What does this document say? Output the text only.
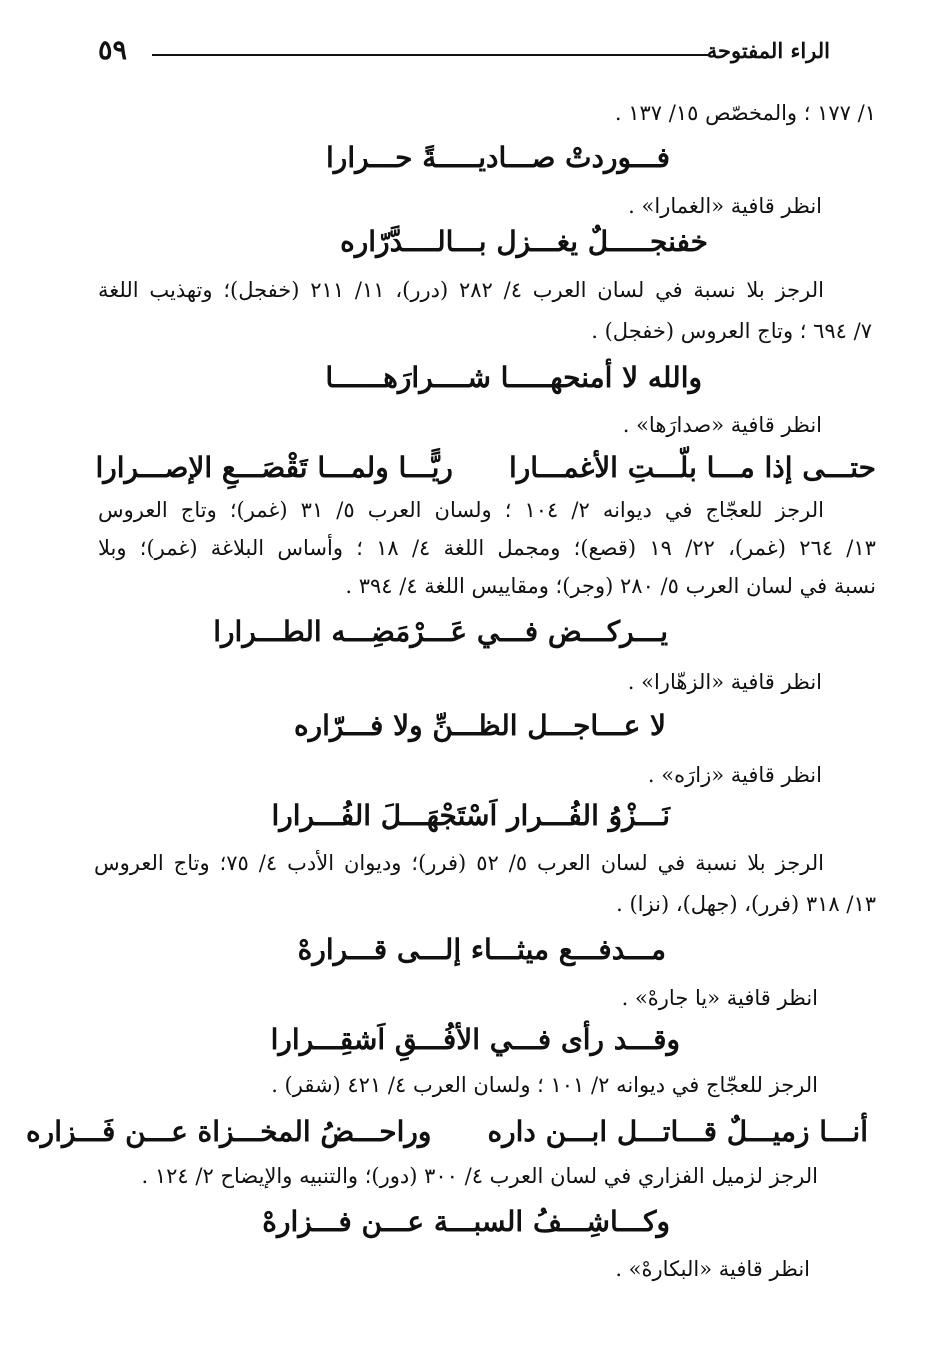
الراء المفتوحة
٥٩
١/ ١٧٧ ؛ والمخصّص ١٥/ ١٣٧ .
فـــوردتْ صـــاديـــــةً حـــرارا
انظر قافية «الغمارا» .
خفنجـــــلٌ يغـــزل بـــالــــدَّرّاره
الرجز بلا نسبة في لسان العرب ٤/ ٢٨٢ (درر)، ١١/ ٢١١ (خفجل)؛ وتهذيب اللغة
٧/ ٦٩٤ ؛ وتاج العروس (خفجل) .
والله لا أمنحهـــــا شــــرارَهــــــا
انظر قافية «صدارَها» .
حتـــى إذا مـــا بلّـــتِ الأغمـــاراريًّـــا ولمـــا تَقْصَـــعِ الإصـــرارا
الرجز للعجّاج في ديوانه ٢/ ١٠٤ ؛ ولسان العرب ٥/ ٣١ (غمر)؛ وتاج العروس
١٣/ ٢٦٤ (غمر)، ٢٢/ ١٩ (قصع)؛ ومجمل اللغة ٤/ ١٨ ؛ وأساس البلاغة (غمر)؛ وبلا
نسبة في لسان العرب ٥/ ٢٨٠ (وجر)؛ ومقاييس اللغة ٤/ ٣٩٤ .
يـــركـــض فـــي عَـــرْمَضِـــه الطـــرارا
انظر قافية «الزهّارا» .
لا عـــاجـــل الظـــنِّ ولا فـــرّاره
انظر قافية «زارَه» .
نَـــزْوُ الفُـــرار اَسْتَجْهَـــلَ الفُـــرارا
الرجز بلا نسبة في لسان العرب ٥/ ٥٢ (فرر)؛ وديوان الأدب ٤/ ٧٥؛ وتاج العروس
١٣/ ٣١٨ (فرر)، (جهل)، (نزا) .
مـــدفـــع ميثـــاء إلـــى قـــرارهْ
انظر قافية «يا جارهْ» .
وقـــد رأى فـــي الأفُـــقِ اَشقِـــرارا
الرجز للعجّاج في ديوانه ٢/ ١٠١ ؛ ولسان العرب ٤/ ٤٢١ (شقر) .
أنـــا زميـــلٌ قـــاتـــل ابـــن دارهوراحـــضُ المخـــزاة عـــن فَـــزاره
الرجز لزميل الفزاري في لسان العرب ٤/ ٣٠٠ (دور)؛ والتنبيه والإيضاح ٢/ ١٢٤ .
وكـــاشِـــفُ السبـــة عـــن فـــزارهْ
انظر قافية «البكارهْ» .
